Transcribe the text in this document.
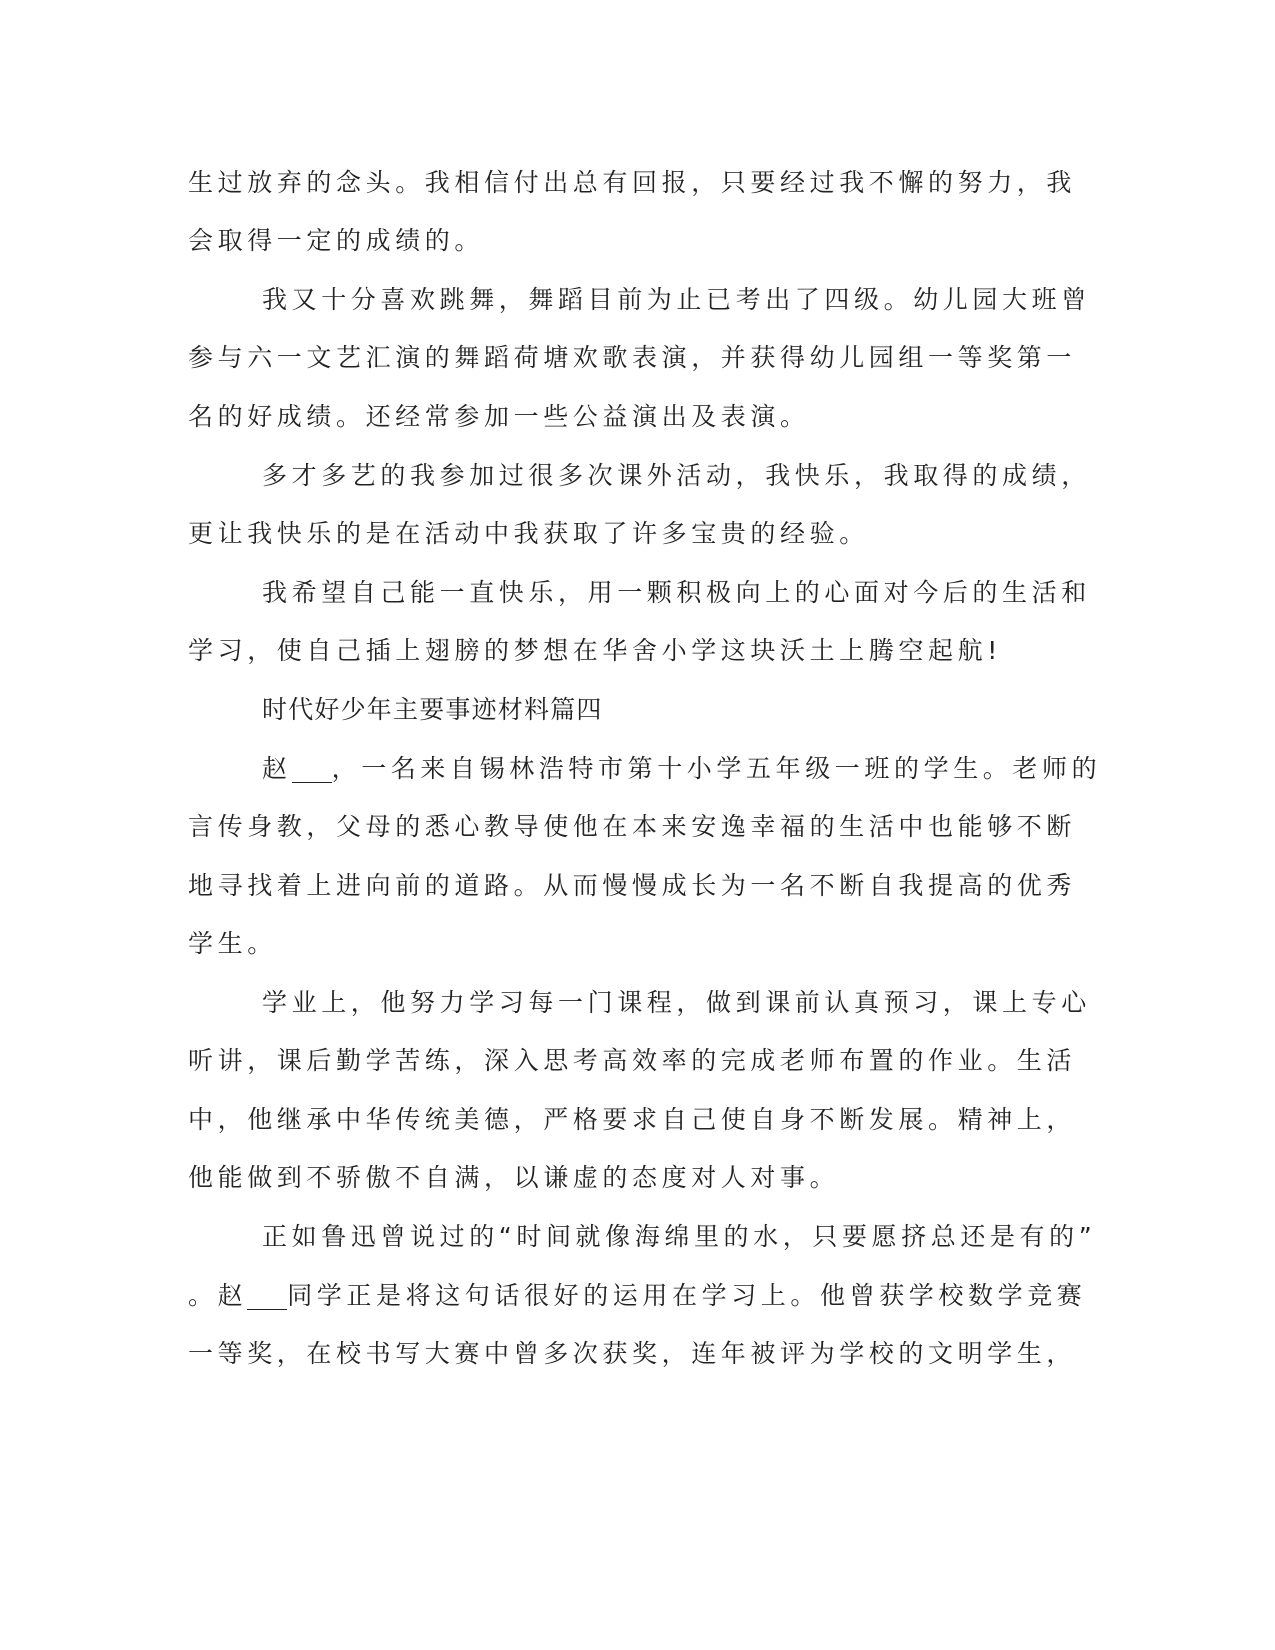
生过放弃的念头。我相信付出总有回报，只要经过我不懈的努力，我
会取得一定的成绩的。
我又十分喜欢跳舞，舞蹈目前为止已考出了四级。幼儿园大班曾
参与六一文艺汇演的舞蹈荷塘欢歌表演，并获得幼儿园组一等奖第一
名的好成绩。还经常参加一些公益演出及表演。
多才多艺的我参加过很多次课外活动，我快乐，我取得的成绩，
更让我快乐的是在活动中我获取了许多宝贵的经验。
我希望自己能一直快乐，用一颗积极向上的心面对今后的生活和
学习，使自己插上翅膀的梦想在华舍小学这块沃土上腾空起航!
时代好少年主要事迹材料篇四
赵 ，一名来自锡林浩特市第十小学五年级一班的学生。老师的
言传身教，父母的悉心教导使他在本来安逸幸福的生活中也能够不断
地寻找着上进向前的道路。从而慢慢成长为一名不断自我提高的优秀
学生。
学业上，他努力学习每一门课程，做到课前认真预习，课上专心
听讲，课后勤学苦练，深入思考高效率的完成老师布置的作业。生活
中，他继承中华传统美德，严格要求自己使自身不断发展。精神上，
他能做到不骄傲不自满，以谦虚的态度对人对事。
正如鲁迅曾说过的“时间就像海绵里的水，只要愿挤总还是有的”
。赵 同学正是将这句话很好的运用在学习上。他曾获学校数学竞赛
一等奖，在校书写大赛中曾多次获奖，连年被评为学校的文明学生，
